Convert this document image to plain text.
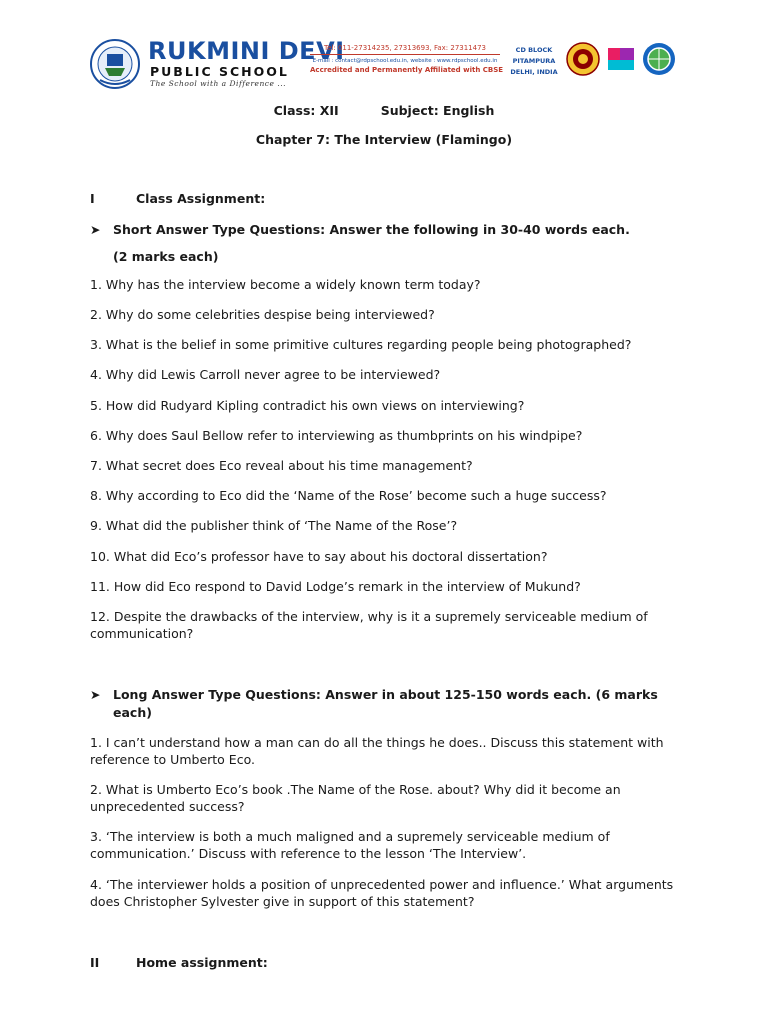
RUKMINI DEVI
PUBLIC SCHOOL
The School with a Difference ...
Tel: 011-27314235, 27313693, Fax: 27311473
E-mail : contact@rdpschool.edu.in, website : www.rdpschool.edu.in
Accredited and Permanently Affiliated with CBSE
CD BLOCK
PITAMPURA
DELHI, INDIA
Class: XII	Subject: English
Chapter 7: The Interview (Flamingo)
I	Class Assignment:
➤ Short Answer Type Questions: Answer the following in 30-40 words each.
(2 marks each)
1. Why has the interview become a widely known term today?
2. Why do some celebrities despise being interviewed?
3. What is the belief in some primitive cultures regarding people being photographed?
4. Why did Lewis Carroll never agree to be interviewed?
5. How did Rudyard Kipling contradict his own views on interviewing?
6. Why does Saul Bellow refer to interviewing as thumbprints on his windpipe?
7. What secret does Eco reveal about his time management?
8. Why according to Eco did the ‘Name of the Rose’ become such a huge success?
9. What did the publisher think of ‘The Name of the Rose’?
10. What did Eco’s professor have to say about his doctoral dissertation?
11. How did Eco respond to David Lodge’s remark in the interview of Mukund?
12. Despite the drawbacks of the interview, why is it a supremely serviceable medium of communication?
➤ Long Answer Type Questions: Answer in about 125-150 words each. (6 marks each)
1. I can’t understand how a man can do all the things he does.. Discuss this statement with reference to Umberto Eco.
2. What is Umberto Eco’s book .The Name of the Rose. about? Why did it become an unprecedented success?
3. ‘The interview is both a much maligned and a supremely serviceable medium of communication.’ Discuss with reference to the lesson ‘The Interview’.
4. ‘The interviewer holds a position of unprecedented power and influence.’ What arguments does Christopher Sylvester give in support of this statement?
II	Home assignment:
